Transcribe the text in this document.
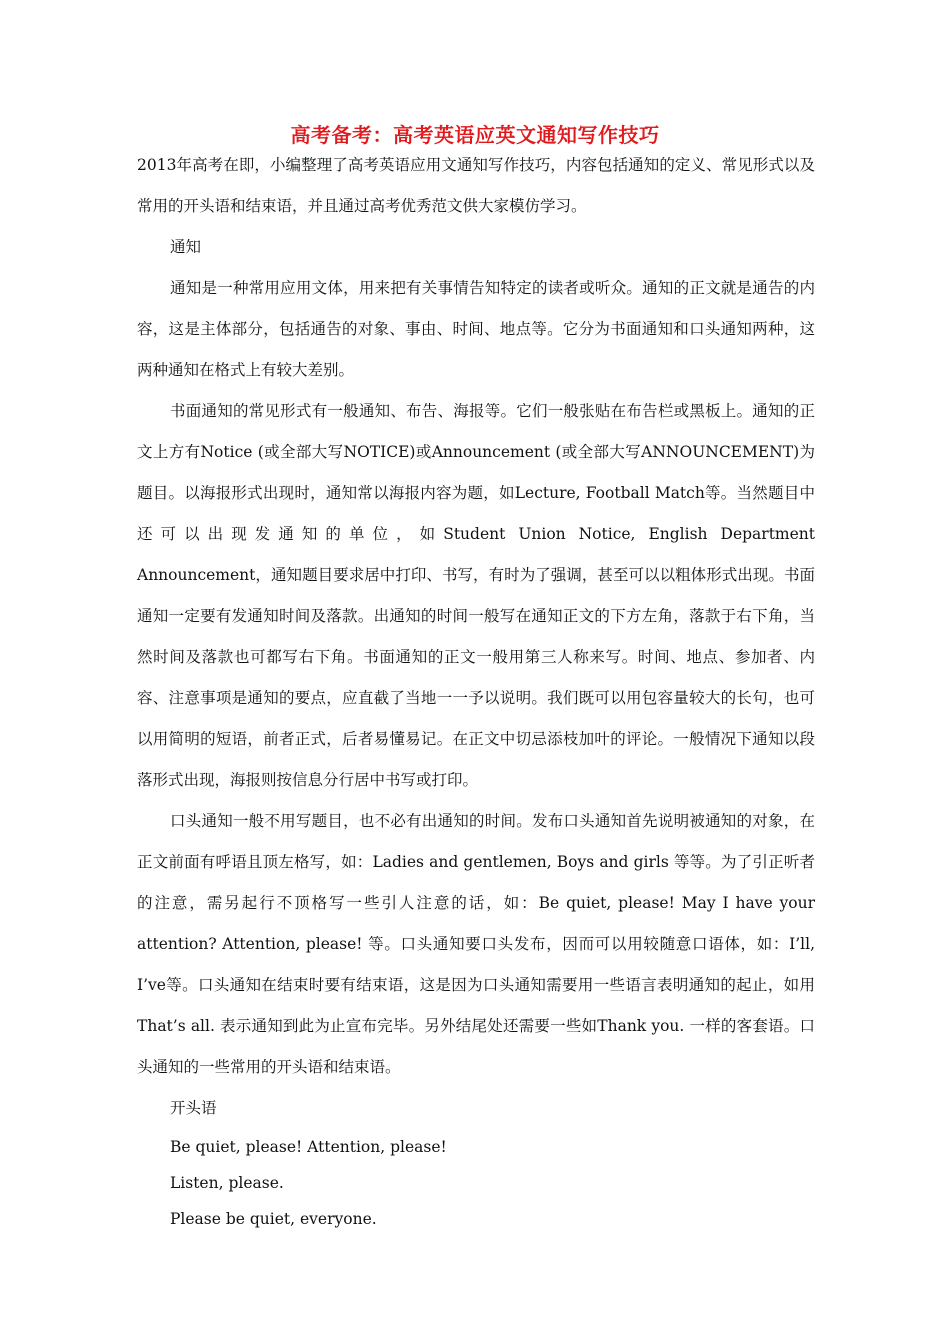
高考备考：高考英语应英文通知写作技巧

2013年高考在即，小编整理了高考英语应用文通知写作技巧，内容包括通知的定义、常见形式以及常用的开头语和结束语，并且通过高考优秀范文供大家模仿学习。

通知

通知是一种常用应用文体，用来把有关事情告知特定的读者或听众。通知的正文就是通告的内容，这是主体部分，包括通告的对象、事由、时间、地点等。它分为书面通知和口头通知两种，这两种通知在格式上有较大差别。

书面通知的常见形式有一般通知、布告、海报等。它们一般张贴在布告栏或黑板上。通知的正文上方有Notice (或全部大写NOTICE)或Announcement (或全部大写ANNOUNCEMENT)为题目。以海报形式出现时，通知常以海报内容为题，如Lecture, Football Match等。当然题目中还可以出现发通知的单位，如Student Union Notice, English Department Announcement，通知题目要求居中打印、书写，有时为了强调，甚至可以以粗体形式出现。书面通知一定要有发通知时间及落款。出通知的时间一般写在通知正文的下方左角，落款于右下角，当然时间及落款也可都写右下角。书面通知的正文一般用第三人称来写。时间、地点、参加者、内容、注意事项是通知的要点，应直截了当地一一予以说明。我们既可以用包容量较大的长句，也可以用简明的短语，前者正式，后者易懂易记。在正文中切忌添枝加叶的评论。一般情况下通知以段落形式出现，海报则按信息分行居中书写或打印。

口头通知一般不用写题目，也不必有出通知的时间。发布口头通知首先说明被通知的对象，在正文前面有呼语且顶左格写，如：Ladies and gentlemen, Boys and girls 等等。为了引正听者的注意，需另起行不顶格写一些引人注意的话，如：Be quiet, please! May I have your attention? Attention, please! 等。口头通知要口头发布，因而可以用较随意口语体，如：I’ll, I’ve等。口头通知在结束时要有结束语，这是因为口头通知需要用一些语言表明通知的起止，如用That’s all. 表示通知到此为止宣布完毕。另外结尾处还需要一些如Thank you. 一样的客套语。口头通知的一些常用的开头语和结束语。

开头语

Be quiet, please! Attention, please!

Listen, please.

Please be quiet, everyone.
